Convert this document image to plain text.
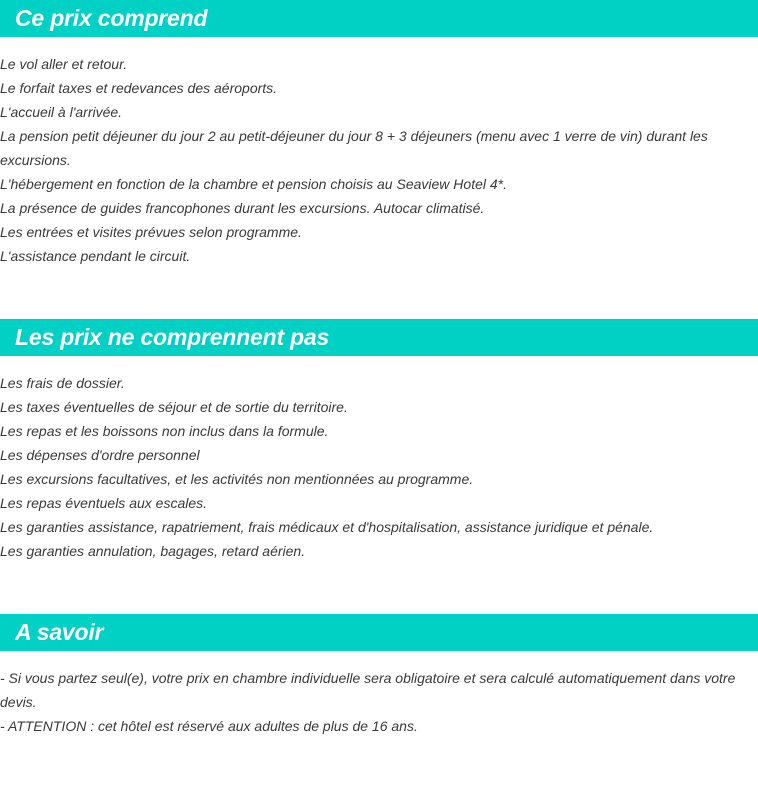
Ce prix comprend
Le vol aller et retour.
Le forfait taxes et redevances des aéroports.
L'accueil à l'arrivée.
La pension petit déjeuner du jour 2 au petit-déjeuner du jour 8 + 3 déjeuners (menu avec 1 verre de vin) durant les excursions.
L'hébergement en fonction de la chambre et pension choisis au Seaview Hotel 4*.
La présence de guides francophones durant les excursions. Autocar climatisé.
Les entrées et visites prévues selon programme.
L'assistance pendant le circuit.
Les prix ne comprennent pas
Les frais de dossier.
Les taxes éventuelles de séjour et de sortie du territoire.
Les repas et les boissons non inclus dans la formule.
Les dépenses d'ordre personnel
Les excursions facultatives, et les activités non mentionnées au programme.
Les repas éventuels aux escales.
Les garanties assistance, rapatriement, frais médicaux et d'hospitalisation, assistance juridique et pénale.
Les garanties annulation, bagages, retard aérien.
A savoir
- Si vous partez seul(e), votre prix en chambre individuelle sera obligatoire et sera calculé automatiquement dans votre devis.
- ATTENTION : cet hôtel est réservé aux adultes de plus de 16 ans.
